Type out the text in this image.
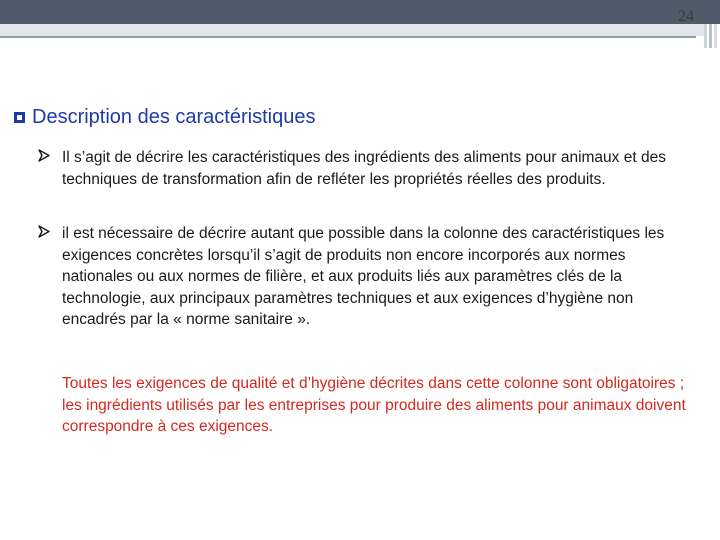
24
Description des caractéristiques
Il s’agit de décrire les caractéristiques des ingrédients des aliments pour animaux et des techniques de transformation afin de refléter les propriétés réelles des produits.
il est nécessaire de décrire autant que possible dans la colonne des caractéristiques les exigences concrètes lorsqu’il s’agit de produits non encore incorporés aux normes nationales ou aux normes de filière, et aux produits liés aux paramètres clés de la technologie, aux principaux paramètres techniques et aux exigences d’hygiène non encadrés par la « norme sanitaire ».
Toutes les exigences de qualité et d’hygiène décrites dans cette colonne sont obligatoires ; les ingrédients utilisés par les entreprises pour produire des aliments pour animaux doivent correspondre à ces exigences.
